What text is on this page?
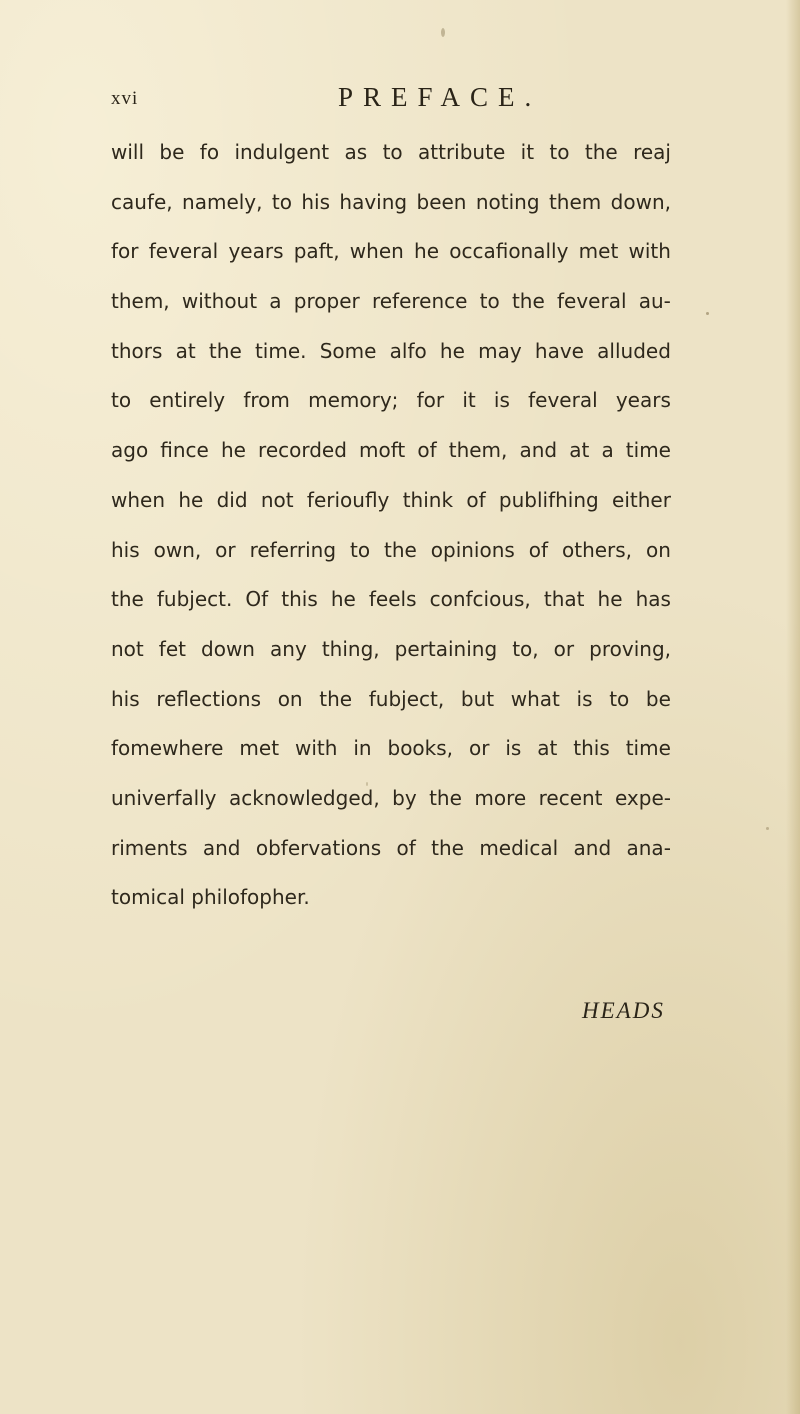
xvi	PREFACE.
will be fo indulgent as to attribute it to the reaj
caufe, namely, to his having been noting them down,
for feveral years paft, when he occafionally met with
them, without a proper reference to the feveral au-
thors at the time. Some alfo he may have alluded
to entirely from memory; for it is feveral years
ago fince he recorded moft of them, and at a time
when he did not ferioufly think of publifhing either
his own, or referring to the opinions of others, on
the fubject. Of this he feels confcious, that he has
not fet down any thing, pertaining to, or proving,
his reflections on the fubject, but what is to be
fomewhere met with in books, or is at this time
univerfally acknowledged, by the more recent expe-
riments and obfervations of the medical and ana-
tomical philofopher.
HEADS
